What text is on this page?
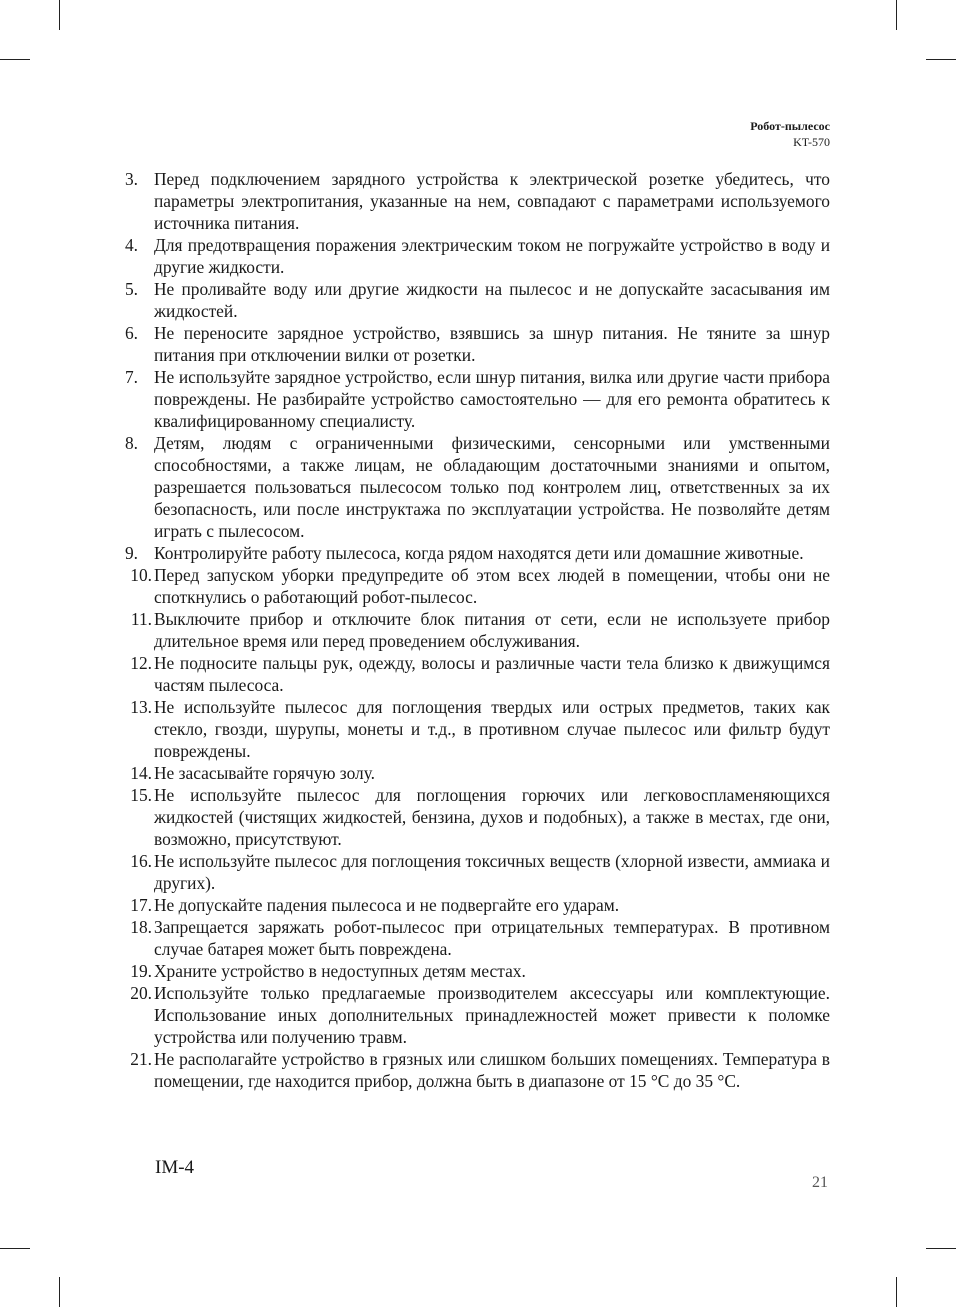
Робот-пылесос
KT-570
3. Перед подключением зарядного устройства к электрической розетке убедитесь, что параметры электропитания, указанные на нем, совпадают с параметрами используемого источника питания.
4. Для предотвращения поражения электрическим током не погружайте устройство в воду и другие жидкости.
5. Не проливайте воду или другие жидкости на пылесос и не допускайте засасывания им жидкостей.
6. Не переносите зарядное устройство, взявшись за шнур питания. Не тяните за шнур питания при отключении вилки от розетки.
7. Не используйте зарядное устройство, если шнур питания, вилка или другие части прибора повреждены. Не разбирайте устройство самостоятельно — для его ремонта обратитесь к квалифицированному специалисту.
8. Детям, людям с ограниченными физическими, сенсорными или умственными способностями, а также лицам, не обладающим достаточными знаниями и опытом, разрешается пользоваться пылесосом только под контролем лиц, ответственных за их безопасность, или после инструктажа по эксплуатации устройства. Не позволяйте детям играть с пылесосом.
9. Контролируйте работу пылесоса, когда рядом находятся дети или домашние животные.
10. Перед запуском уборки предупредите об этом всех людей в помещении, чтобы они не споткнулись о работающий робот-пылесос.
11. Выключите прибор и отключите блок питания от сети, если не используете прибор длительное время или перед проведением обслуживания.
12. Не подносите пальцы рук, одежду, волосы и различные части тела близко к движущимся частям пылесоса.
13. Не используйте пылесос для поглощения твердых или острых предметов, таких как стекло, гвозди, шурупы, монеты и т.д., в противном случае пылесос или фильтр будут повреждены.
14. Не засасывайте горячую золу.
15. Не используйте пылесос для поглощения горючих или легковоспламеняющихся жидкостей (чистящих жидкостей, бензина, духов и подобных), а также в местах, где они, возможно, присутствуют.
16. Не используйте пылесос для поглощения токсичных веществ (хлорной извести, аммиака и других).
17. Не допускайте падения пылесоса и не подвергайте его ударам.
18. Запрещается заряжать робот-пылесос при отрицательных температурах. В противном случае батарея может быть повреждена.
19. Храните устройство в недоступных детям местах.
20. Используйте только предлагаемые производителем аксессуары или комплектующие. Использование иных дополнительных принадлежностей может привести к поломке устройства или получению травм.
21. Не располагайте устройство в грязных или слишком больших помещениях. Температура в помещении, где находится прибор, должна быть в диапазоне от 15 °C до 35 °C.
IM-4
21
